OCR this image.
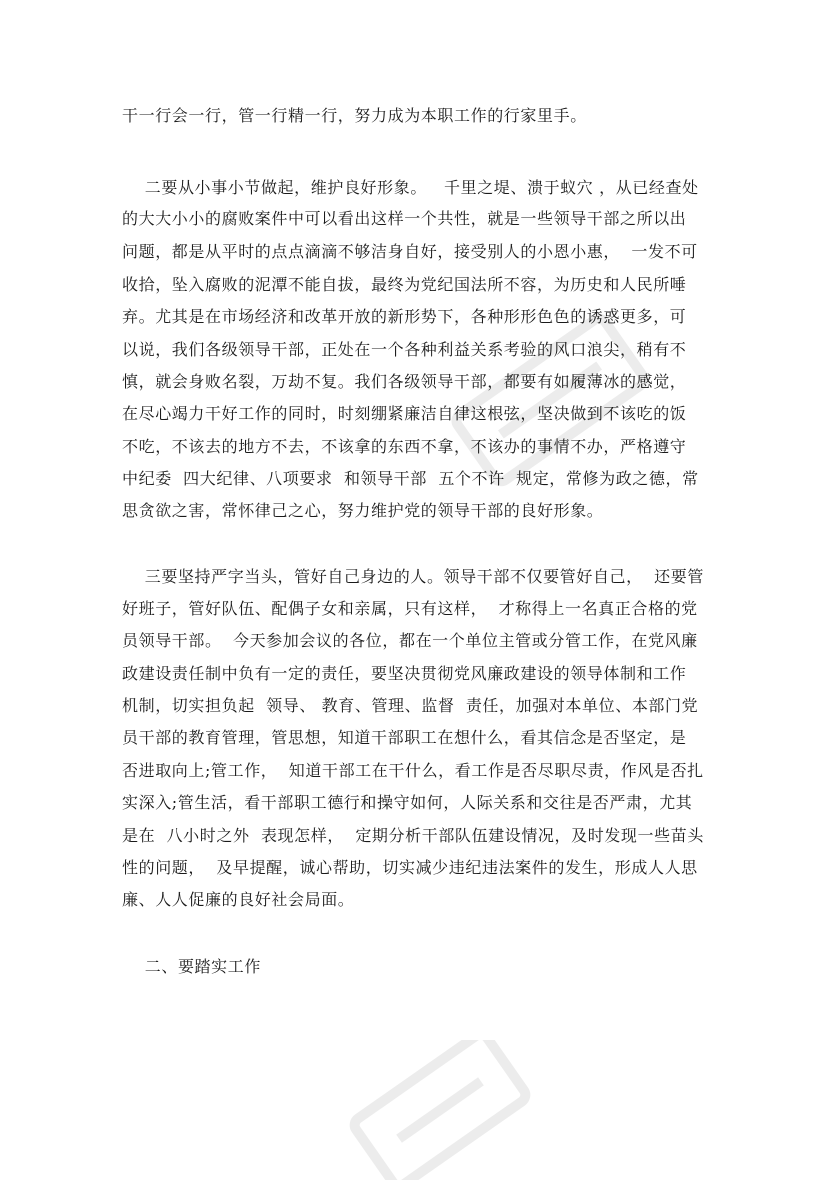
干一行会一行，管一行精一行，努力成为本职工作的行家里手。
二要从小事小节做起，维护良好形象。   千里之堤、溃于蚁穴 ，从已经查处
的大大小小的腐败案件中可以看出这样一个共性，就是一些领导干部之所以出
问题，都是从平时的点点滴滴不够洁身自好，接受别人的小恩小惠，  一发不可
收拾，坠入腐败的泥潭不能自拔，最终为党纪国法所不容，为历史和人民所唾
弃。尤其是在市场经济和改革开放的新形势下，各种形形色色的诱惑更多，可
以说，我们各级领导干部，正处在一个各种利益关系考验的风口浪尖，稍有不
慎，就会身败名裂，万劫不复。我们各级领导干部，都要有如履薄冰的感觉，
在尽心竭力干好工作的同时，时刻绷紧廉洁自律这根弦，坚决做到不该吃的饭
不吃，不该去的地方不去，不该拿的东西不拿，不该办的事情不办，严格遵守
中纪委  四大纪律、八项要求  和领导干部  五个不许  规定，常修为政之德，常
思贪欲之害，常怀律己之心，努力维护党的领导干部的良好形象。
三要坚持严字当头，管好自己身边的人。领导干部不仅要管好自己，  还要管
好班子，管好队伍、配偶子女和亲属，只有这样，  才称得上一名真正合格的党
员领导干部。  今天参加会议的各位，都在一个单位主管或分管工作，在党风廉
政建设责任制中负有一定的责任，要坚决贯彻党风廉政建设的领导体制和工作
机制，切实担负起  领导、 教育、管理、监督  责任，加强对本单位、本部门党
员干部的教育管理，管思想，知道干部职工在想什么，看其信念是否坚定，是
否进取向上;管工作，  知道干部工在干什么，看工作是否尽职尽责，作风是否扎
实深入;管生活，看干部职工德行和操守如何，人际关系和交往是否严肃，尤其
是在  八小时之外  表现怎样，  定期分析干部队伍建设情况，及时发现一些苗头
性的问题，  及早提醒，诚心帮助，切实减少违纪违法案件的发生，形成人人思
廉、人人促廉的良好社会局面。
二、要踏实工作
